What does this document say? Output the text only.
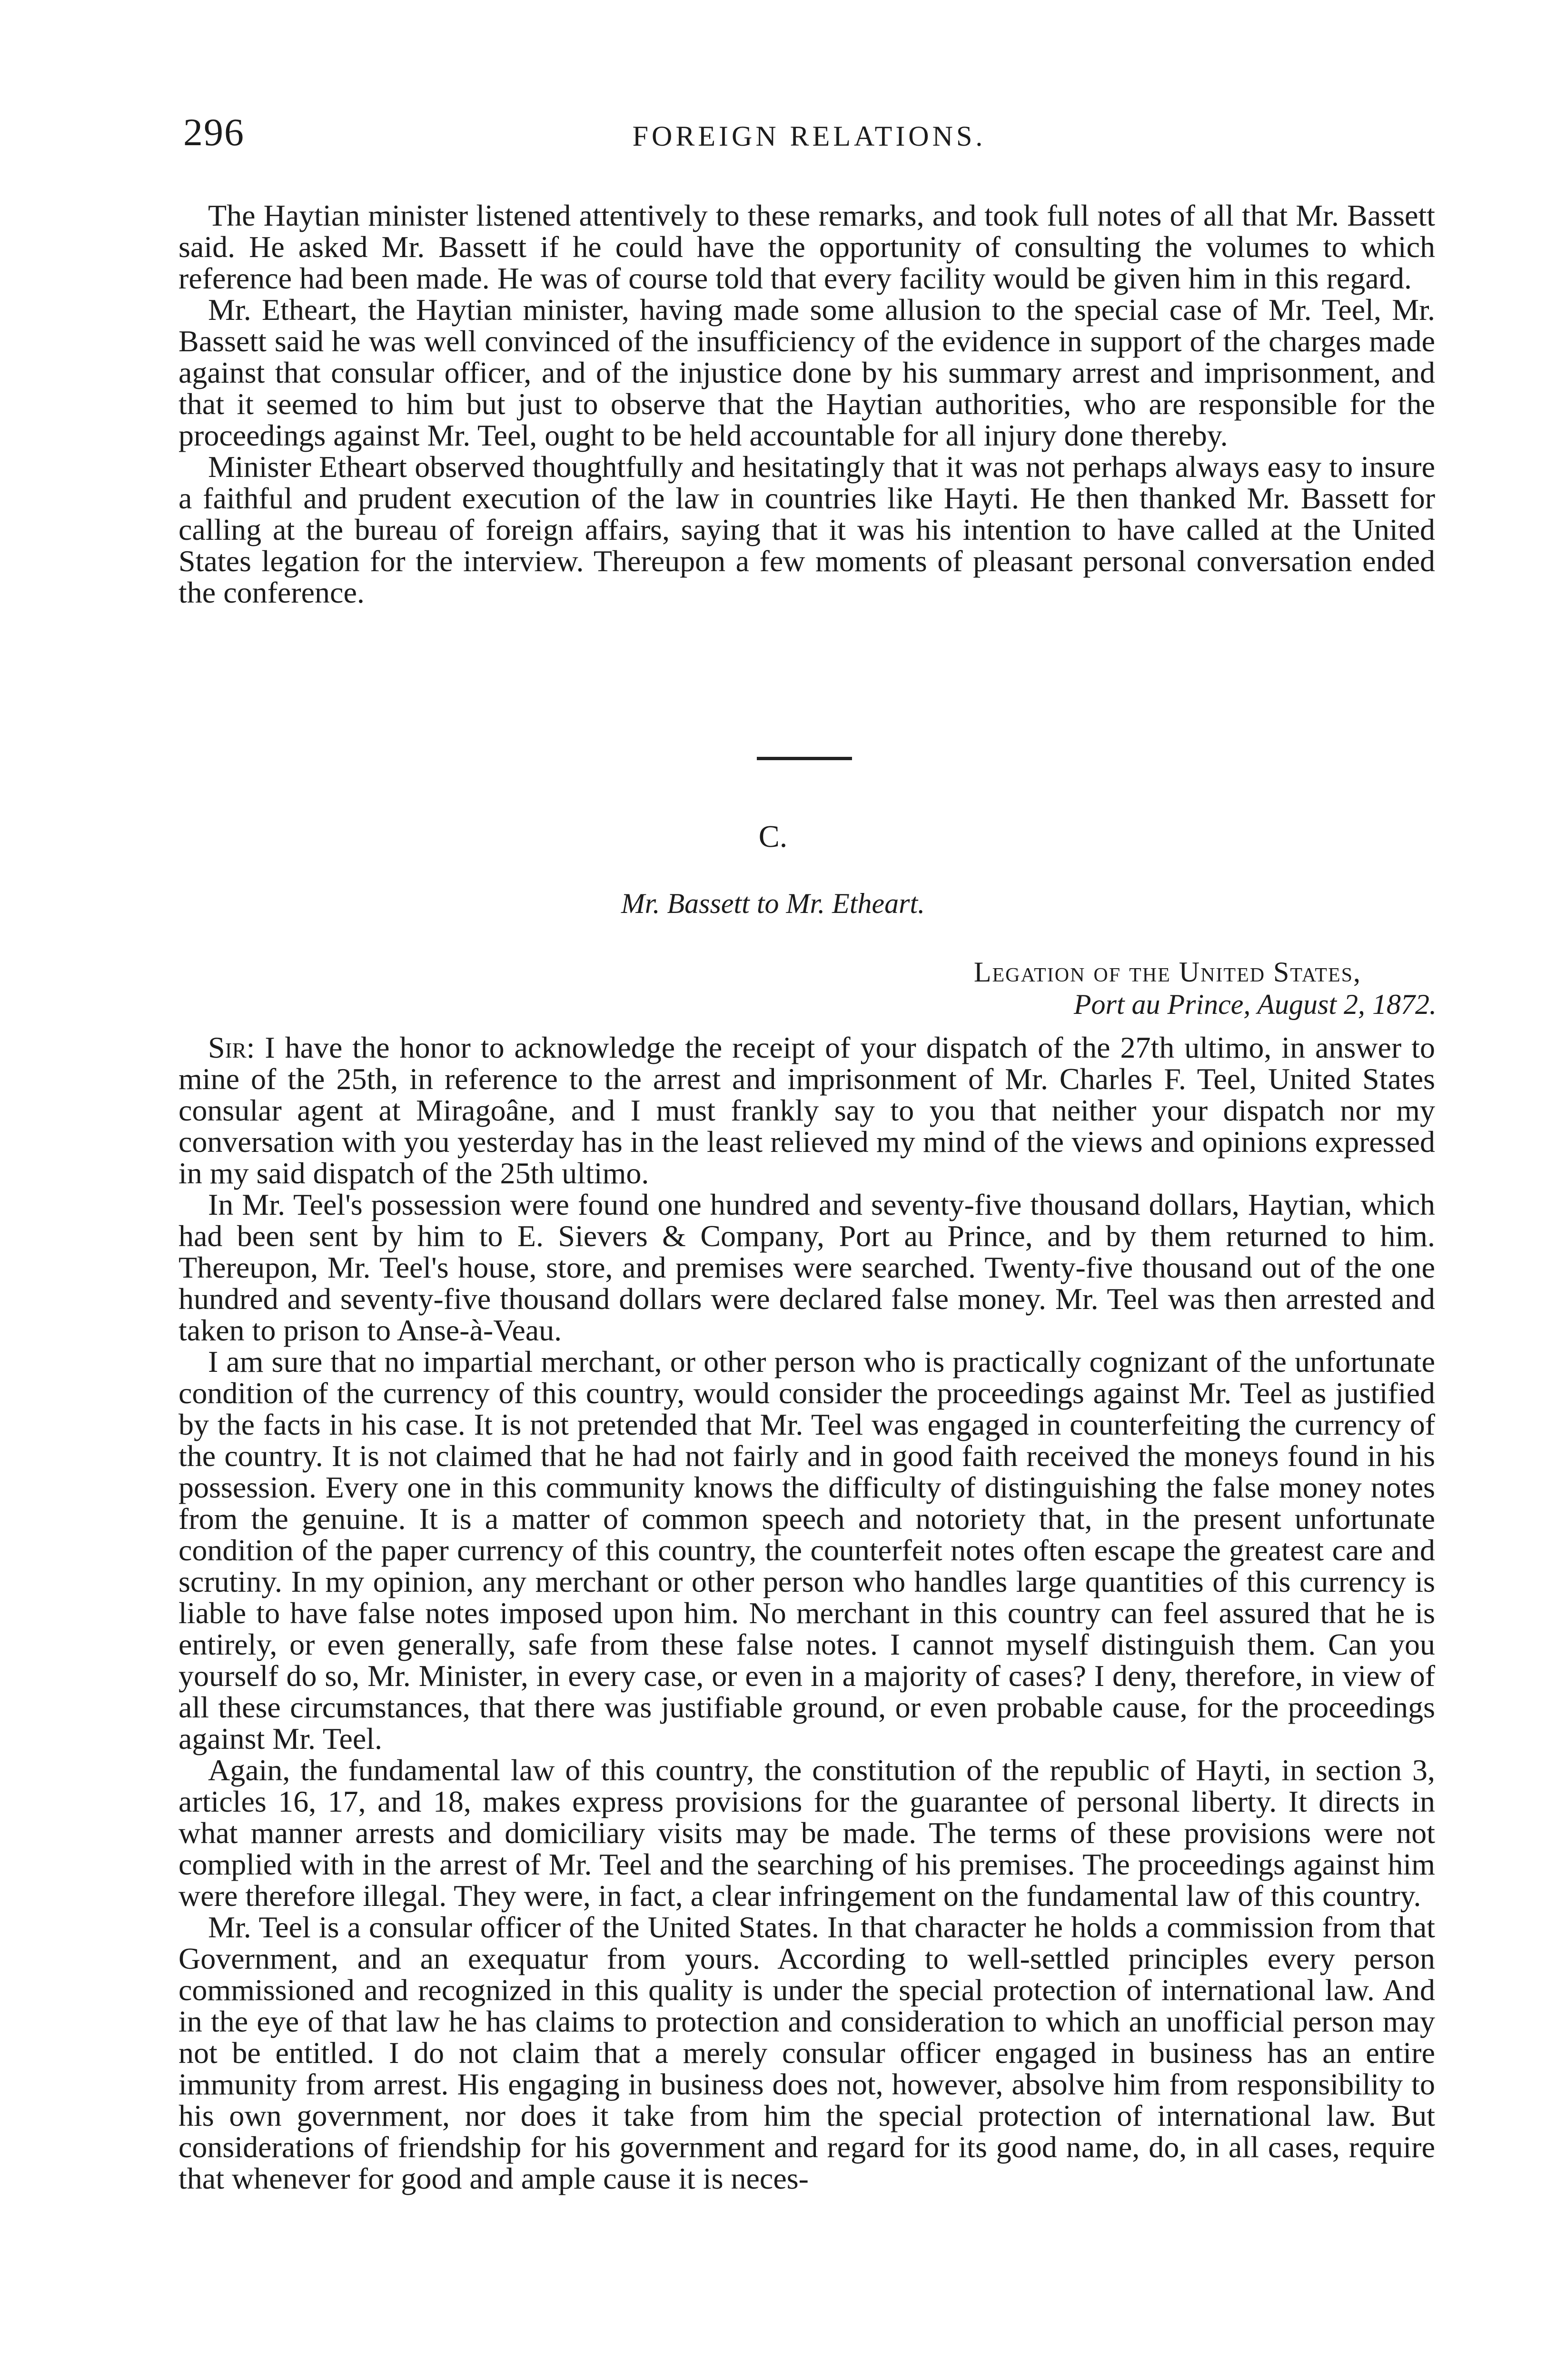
296	FOREIGN RELATIONS.

The Haytian minister listened attentively to these remarks, and took full notes of all that Mr. Bassett said. He asked Mr. Bassett if he could have the opportunity of consulting the volumes to which reference had been made. He was of course told that every facility would be given him in this regard.

Mr. Etheart, the Haytian minister, having made some allusion to the special case of Mr. Teel, Mr. Bassett said he was well convinced of the insufficiency of the evidence in support of the charges made against that consular officer, and of the injustice done by his summary arrest and imprisonment, and that it seemed to him but just to observe that the Haytian authorities, who are responsible for the proceedings against Mr. Teel, ought to be held accountable for all injury done thereby.

Minister Etheart observed thoughtfully and hesitatingly that it was not perhaps always easy to insure a faithful and prudent execution of the law in countries like Hayti. He then thanked Mr. Bassett for calling at the bureau of foreign affairs, saying that it was his intention to have called at the United States legation for the interview. Thereupon a few moments of pleasant personal conversation ended the conference.

C.
Mr. Bassett to Mr. Etheart.
Legation of the United States,
Port au Prince, August 2, 1872.

Sir: I have the honor to acknowledge the receipt of your dispatch of the 27th ultimo, in answer to mine of the 25th, in reference to the arrest and imprisonment of Mr. Charles F. Teel, United States consular agent at Miragoâne, and I must frankly say to you that neither your dispatch nor my conversation with you yesterday has in the least relieved my mind of the views and opinions expressed in my said dispatch of the 25th ultimo.

In Mr. Teel's possession were found one hundred and seventy-five thousand dollars, Haytian, which had been sent by him to E. Sievers & Company, Port au Prince, and by them returned to him. Thereupon, Mr. Teel's house, store, and premises were searched. Twenty-five thousand out of the one hundred and seventy-five thousand dollars were declared false money. Mr. Teel was then arrested and taken to prison to Anse-à-Veau.

I am sure that no impartial merchant, or other person who is practically cognizant of the unfortunate condition of the currency of this country, would consider the proceedings against Mr. Teel as justified by the facts in his case. It is not pretended that Mr. Teel was engaged in counterfeiting the currency of the country. It is not claimed that he had not fairly and in good faith received the moneys found in his possession. Every one in this community knows the difficulty of distinguishing the false money notes from the genuine. It is a matter of common speech and notoriety that, in the present unfortunate condition of the paper currency of this country, the counterfeit notes often escape the greatest care and scrutiny. In my opinion, any merchant or other person who handles large quantities of this currency is liable to have false notes imposed upon him. No merchant in this country can feel assured that he is entirely, or even generally, safe from these false notes. I cannot myself distinguish them. Can you yourself do so, Mr. Minister, in every case, or even in a majority of cases? I deny, therefore, in view of all these circumstances, that there was justifiable ground, or even probable cause, for the proceedings against Mr. Teel.

Again, the fundamental law of this country, the constitution of the republic of Hayti, in section 3, articles 16, 17, and 18, makes express provisions for the guarantee of personal liberty. It directs in what manner arrests and domiciliary visits may be made. The terms of these provisions were not complied with in the arrest of Mr. Teel and the searching of his premises. The proceedings against him were therefore illegal. They were, in fact, a clear infringement on the fundamental law of this country.

Mr. Teel is a consular officer of the United States. In that character he holds a commission from that Government, and an exequatur from yours. According to well-settled principles every person commissioned and recognized in this quality is under the special protection of international law. And in the eye of that law he has claims to protection and consideration to which an unofficial person may not be entitled. I do not claim that a merely consular officer engaged in business has an entire immunity from arrest. His engaging in business does not, however, absolve him from responsibility to his own government, nor does it take from him the special protection of international law. But considerations of friendship for his government and regard for its good name, do, in all cases, require that whenever for good and ample cause it is neces-
